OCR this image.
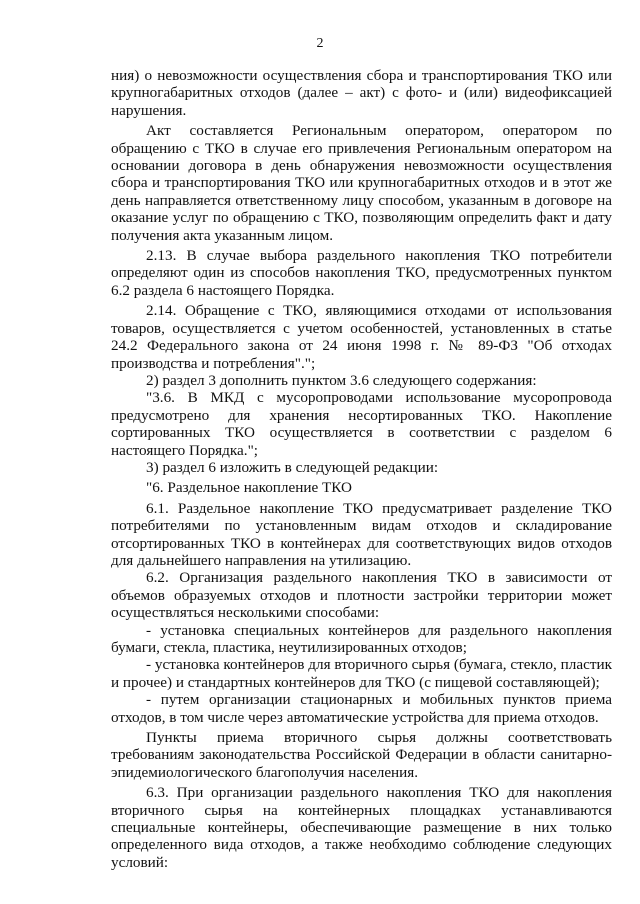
2

ния) о невозможности осуществления сбора и транспортирования ТКО или крупногабаритных отходов (далее – акт) с фото- и (или) видеофиксацией нарушения.

Акт составляется Региональным оператором, оператором по обращению с ТКО в случае его привлечения Региональным оператором на основании договора в день обнаружения невозможности осуществления сбора и транспортирования ТКО или крупногабаритных отходов и в этот же день направляется ответственному лицу способом, указанным в договоре на оказание услуг по обращению с ТКО, позволяющим определить факт и дату получения акта указанным лицом.

2.13. В случае выбора раздельного накопления ТКО потребители определяют один из способов накопления ТКО, предусмотренных пунктом 6.2 раздела 6 настоящего Порядка.

2.14. Обращение с ТКО, являющимися отходами от использования товаров, осуществляется с учетом особенностей, установленных в статье 24.2 Федерального закона от 24 июня 1998 г. № 89-ФЗ "Об отходах производства и потребления".";

2) раздел 3 дополнить пунктом 3.6 следующего содержания:

"3.6. В МКД с мусоропроводами использование мусоропровода предусмотрено для хранения несортированных ТКО. Накопление сортированных ТКО осуществляется в соответствии с разделом 6 настоящего Порядка.";

3) раздел 6 изложить в следующей редакции:

"6. Раздельное накопление ТКО

6.1. Раздельное накопление ТКО предусматривает разделение ТКО потребителями по установленным видам отходов и складирование отсортированных ТКО в контейнерах для соответствующих видов отходов для дальнейшего направления на утилизацию.

6.2. Организация раздельного накопления ТКО в зависимости от объемов образуемых отходов и плотности застройки территории может осуществляться несколькими способами:

- установка специальных контейнеров для раздельного накопления бумаги, стекла, пластика, неутилизированных отходов;

- установка контейнеров для вторичного сырья (бумага, стекло, пластик и прочее) и стандартных контейнеров для ТКО (с пищевой составляющей);

- путем организации стационарных и мобильных пунктов приема отходов, в том числе через автоматические устройства для приема отходов.

Пункты приема вторичного сырья должны соответствовать требованиям законодательства Российской Федерации в области санитарно-эпидемиологического благополучия населения.

6.3. При организации раздельного накопления ТКО для накопления вторичного сырья на контейнерных площадках устанавливаются специальные контейнеры, обеспечивающие размещение в них только определенного вида отходов, а также необходимо соблюдение следующих условий:
